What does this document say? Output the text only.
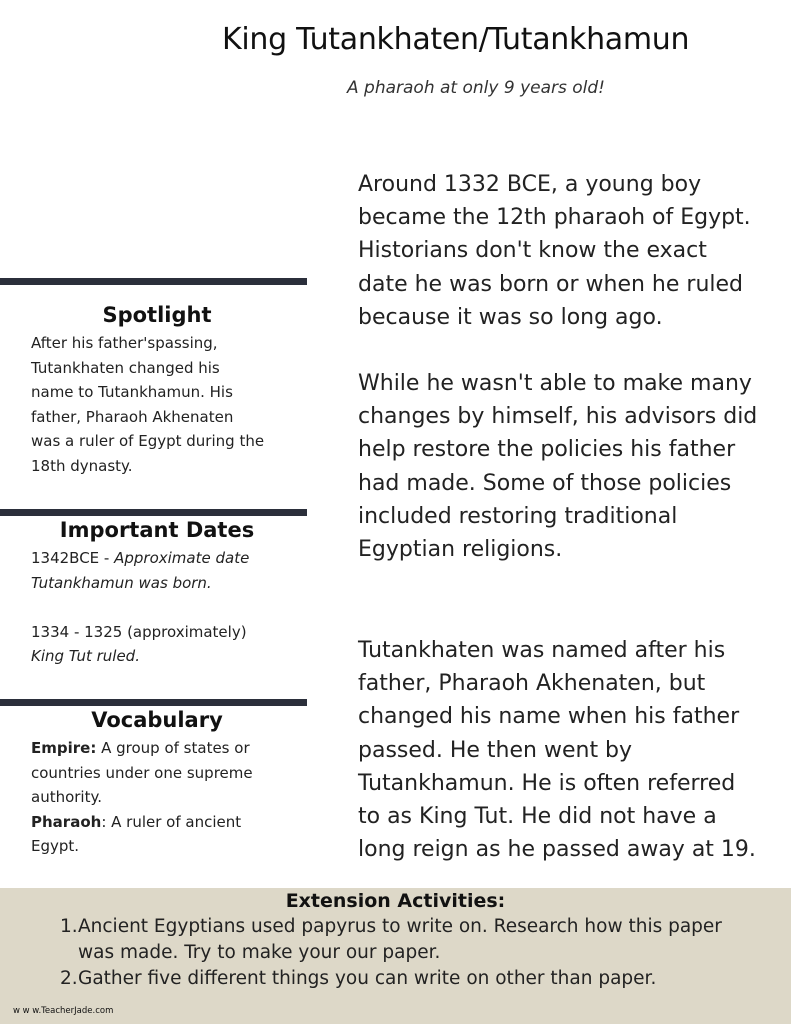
King Tutankhaten/Tutankhamun
A pharaoh at only 9 years old!
Spotlight
After his father'spassing,
Tutankhaten changed his
name to Tutankhamun. His
father, Pharaoh Akhenaten
was a ruler of Egypt during the
18th dynasty.
Important Dates
1342BCE - Approximate date
Tutankhamun was born.

1334 - 1325 (approximately)
King Tut ruled.
Vocabulary
Empire: A group of states or
countries under one supreme
authority.
Pharaoh: A ruler of ancient
Egypt.
Around 1332 BCE, a young boy
became the 12th pharaoh of Egypt.
Historians don't know the exact
date he was born or when he ruled
because it was so long ago.
While he wasn't able to make many
changes by himself, his advisors did
help restore the policies his father
had made. Some of those policies
included restoring traditional
Egyptian religions.
Tutankhaten was named after his
father, Pharaoh Akhenaten, but
changed his name when his father
passed. He then went by
Tutankhamun. He is often referred
to as King Tut. He did not have a
long reign as he passed away at 19.
Extension Activities:
1. Ancient Egyptians used papyrus to write on. Research how this paper
was made. Try to make your our paper.
2. Gather five different things you can write on other than paper.
w w w.TeacherJade.com
